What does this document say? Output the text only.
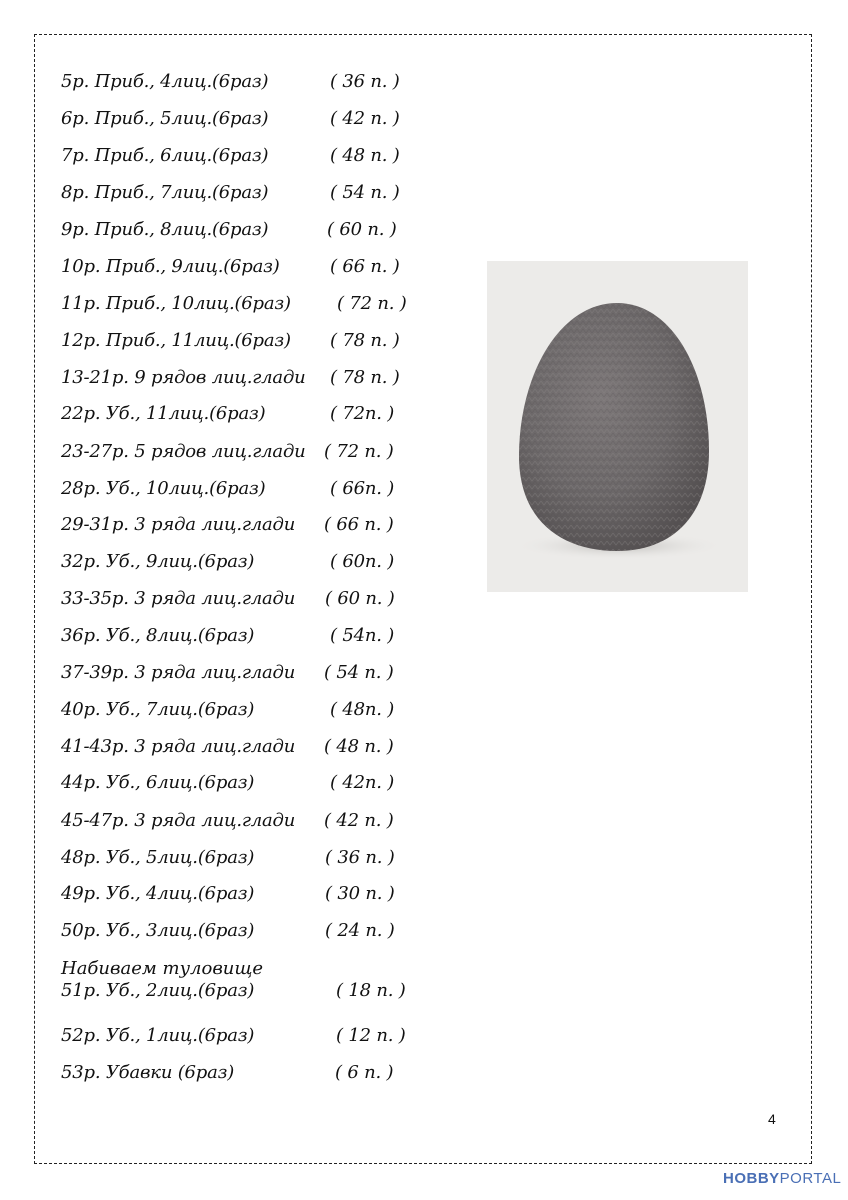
5р. Приб., 4лиц.(6раз)	( 36 п. )
6р. Приб., 5лиц.(6раз)	( 42 п. )
7р. Приб., 6лиц.(6раз)	( 48 п. )
8р. Приб., 7лиц.(6раз)	( 54 п. )
9р. Приб., 8лиц.(6раз)	( 60 п. )
10р. Приб., 9лиц.(6раз)	( 66 п. )
11р. Приб., 10лиц.(6раз)	( 72 п. )
12р. Приб., 11лиц.(6раз) ( 78 п. )
13-21р. 9 рядов лиц.глади ( 78 п. )
22р. Уб., 11лиц.(6раз)	( 72п. )
23-27р. 5 рядов лиц.глади ( 72 п. )
28р. Уб., 10лиц.(6раз)	( 66п. )
29-31р. 3 ряда лиц.глади ( 66 п. )
32р. Уб., 9лиц.(6раз)	( 60п. )
33-35р. 3 ряда лиц.глади ( 60 п. )
36р. Уб., 8лиц.(6раз)	( 54п. )
37-39р. 3 ряда лиц.глади ( 54 п. )
40р. Уб., 7лиц.(6раз)	( 48п. )
41-43р. 3 ряда лиц.глади ( 48 п. )
44р. Уб., 6лиц.(6раз)	( 42п. )
45-47р. 3 ряда лиц.глади ( 42 п. )
48р. Уб., 5лиц.(6раз)	( 36 п. )
49р. Уб., 4лиц.(6раз)	( 30 п. )
50р. Уб., 3лиц.(6раз)	( 24 п. )
Набиваем туловище
51р. Уб., 2лиц.(6раз)	( 18 п. )
52р. Уб., 1лиц.(6раз)	( 12 п. )
53р. Убавки (6раз)	( 6 п. )
4
HOBBYPORTAL
